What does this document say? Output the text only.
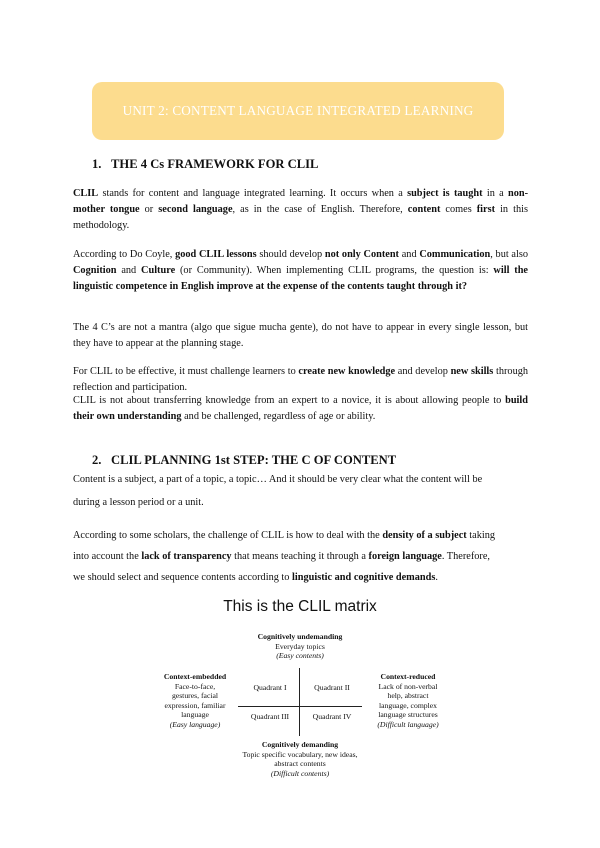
UNIT 2: CONTENT LANGUAGE INTEGRATED LEARNING
1. THE 4 Cs FRAMEWORK FOR CLIL
CLIL stands for content and language integrated learning. It occurs when a subject is taught in a non-mother tongue or second language, as in the case of English. Therefore, content comes first in this methodology.
According to Do Coyle, good CLIL lessons should develop not only Content and Communication, but also Cognition and Culture (or Community). When implementing CLIL programs, the question is: will the linguistic competence in English improve at the expense of the contents taught through it?
The 4 C’s are not a mantra (algo que sigue mucha gente), do not have to appear in every single lesson, but they have to appear at the planning stage.
For CLIL to be effective, it must challenge learners to create new knowledge and develop new skills through reflection and participation.
CLIL is not about transferring knowledge from an expert to a novice, it is about allowing people to build their own understanding and be challenged, regardless of age or ability.
2. CLIL PLANNING 1st STEP: THE C OF CONTENT
Content is a subject, a part of a topic, a topic… And it should be very clear what the content will be
during a lesson period or a unit.
According to some scholars, the challenge of CLIL is how to deal with the density of a subject taking
into account the lack of transparency that means teaching it through a foreign language. Therefore,
we should select and sequence contents according to linguistic and cognitive demands.
This is the CLIL matrix
Cognitively undemanding
Everyday topics
(Easy contents)
Context-embedded
Face-to-face,
gestures, facial
expression, familiar
language
(Easy language)
Context-reduced
Lack of non-verbal
help, abstract
language, complex
language structures
(Difficult language)
Quadrant I	Quadrant II
Quadrant III	Quadrant IV
Cognitively demanding
Topic specific vocabulary, new ideas,
abstract contents
(Difficult contents)
